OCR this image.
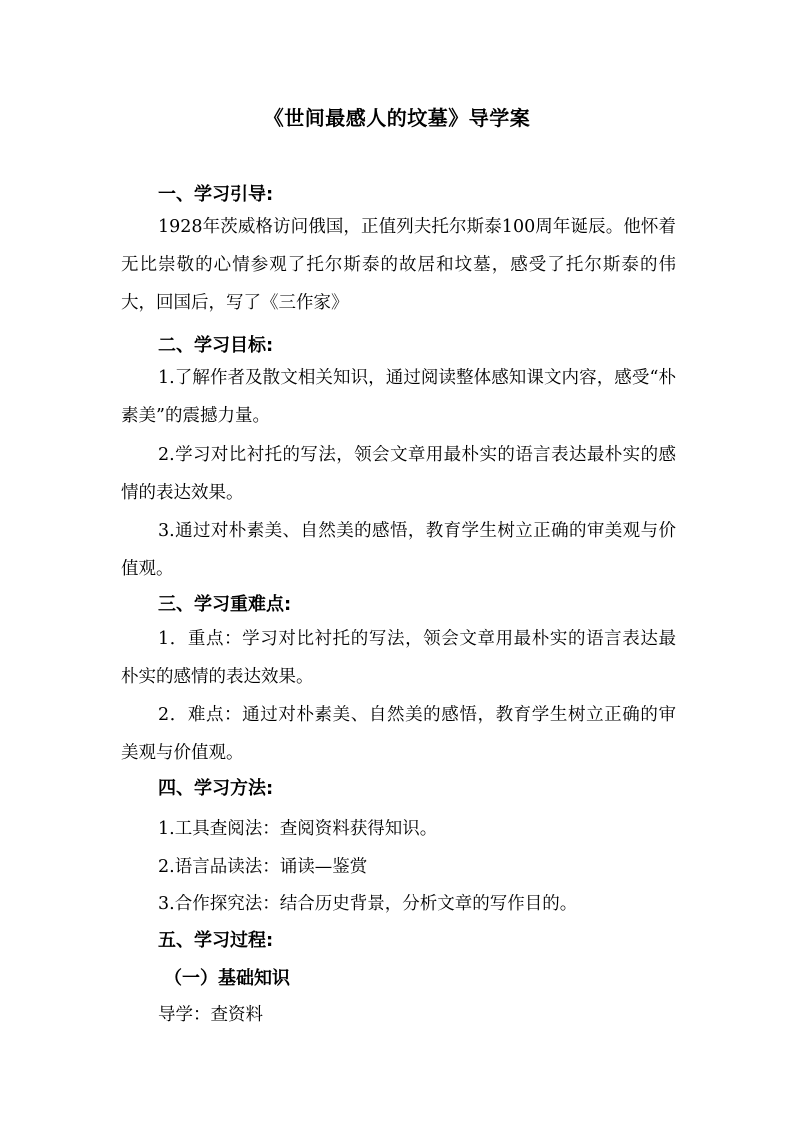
《世间最感人的坟墓》导学案
一、学习引导:
1928年茨威格访问俄国，正值列夫托尔斯泰100周年诞辰。他怀着无比崇敬的心情参观了托尔斯泰的故居和坟墓，感受了托尔斯泰的伟大，回国后，写了《三作家》
二、学习目标:
1.了解作者及散文相关知识，通过阅读整体感知课文内容，感受“朴素美”的震撼力量。
2.学习对比衬托的写法，领会文章用最朴实的语言表达最朴实的感情的表达效果。
3.通过对朴素美、自然美的感悟，教育学生树立正确的审美观与价值观。
三、学习重难点:
1．重点：学习对比衬托的写法，领会文章用最朴实的语言表达最朴实的感情的表达效果。
2．难点：通过对朴素美、自然美的感悟，教育学生树立正确的审美观与价值观。
四、学习方法:
1.工具查阅法：查阅资料获得知识。
2.语言品读法：诵读—鉴赏
3.合作探究法：结合历史背景，分析文章的写作目的。
五、学习过程:
（一）基础知识
导学：查资料
